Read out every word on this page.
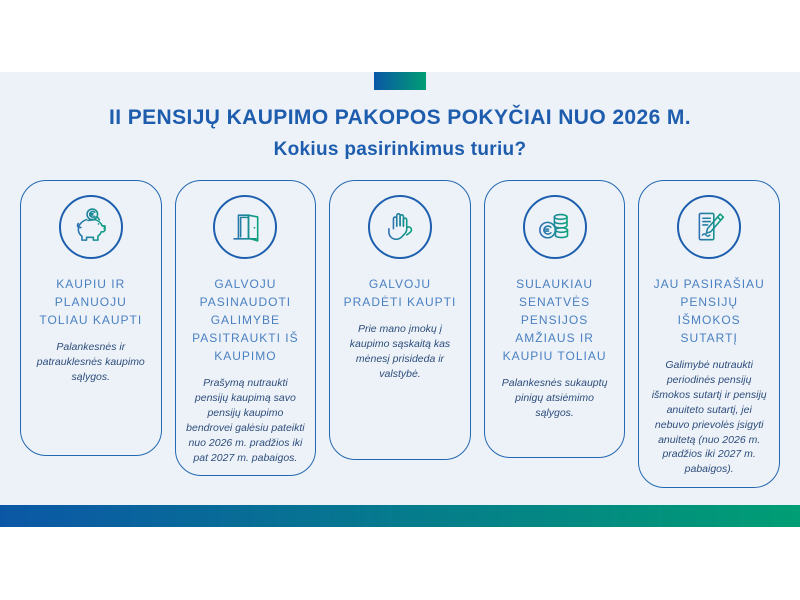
II PENSIJŲ KAUPIMO PAKOPOS POKYČIAI NUO 2026 M.
Kokius pasirinkimus turiu?
KAUPIU IR PLANUOJU TOLIAU KAUPTI
Palankesnės ir patrauklesnės kaupimo sąlygos.
GALVOJU PASINAUDOTI GALIMYBE PASITRAUKTI IŠ KAUPIMO
Prašymą nutraukti pensijų kaupimą savo pensijų kaupimo bendrovei galėsiu pateikti nuo 2026 m. pradžios iki pat 2027 m. pabaigos.
GALVOJU PRADĖTI KAUPTI
Prie mano įmokų į kaupimo sąskaitą kas mėnesį prisideda ir valstybė.
SULAUKIAU SENATVĖS PENSIJOS AMŽIAUS IR KAUPIU TOLIAU
Palankesnės sukauptų pinigų atsiėmimo sąlygos.
JAU PASIRAŠIAU PENSIJŲ IŠMOKOS SUTARTĮ
Galimybė nutraukti periodinės pensijų išmokos sutartį ir pensijų anuiteto sutartį, jei nebuvo prievolės įsigyti anuitetą (nuo 2026 m. pradžios iki 2027 m. pabaigos).
